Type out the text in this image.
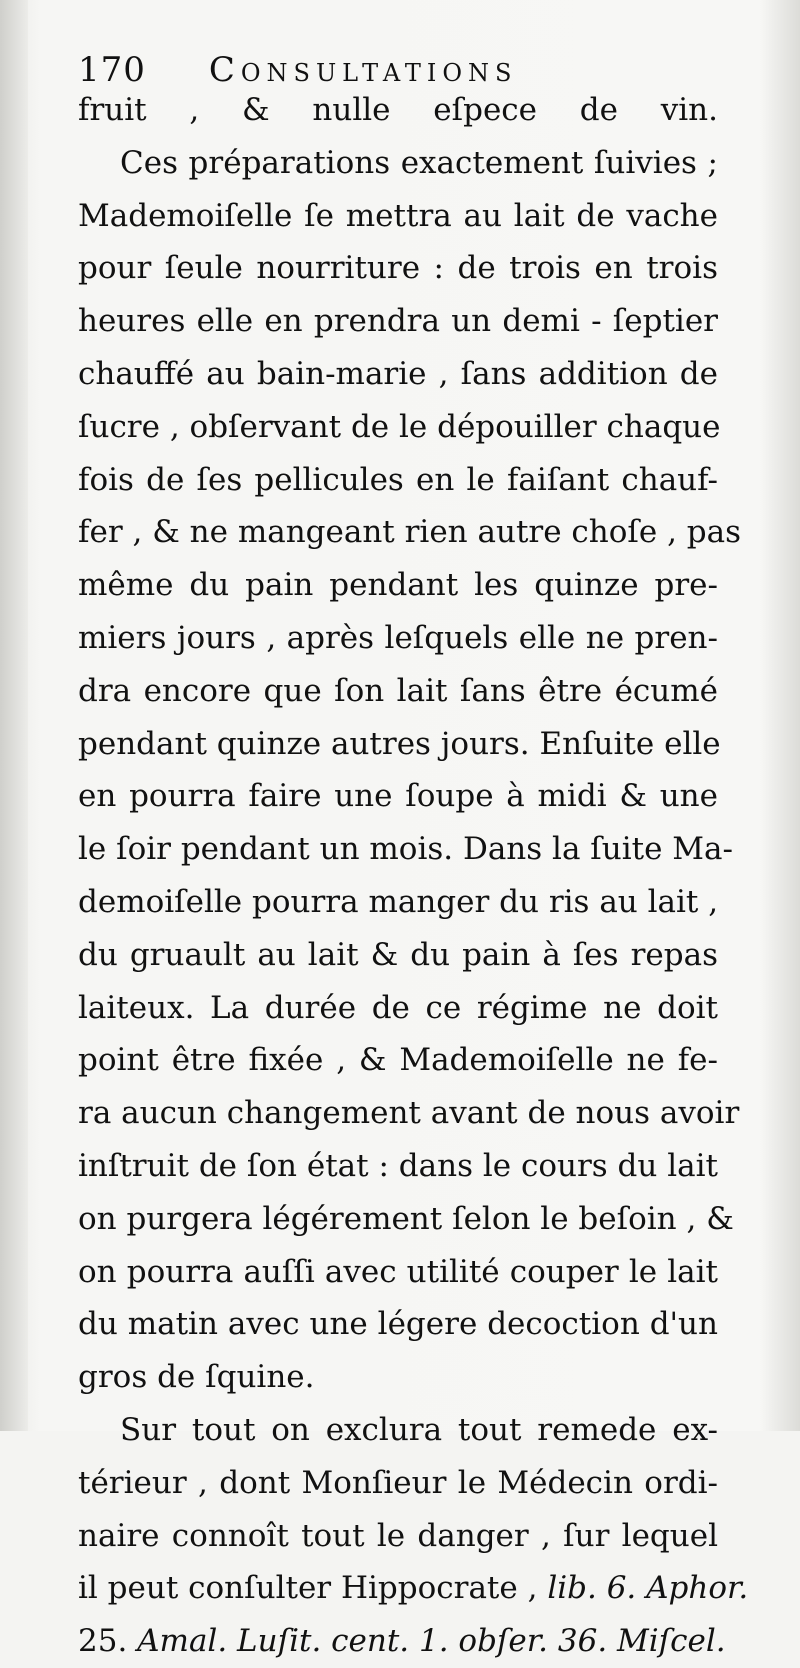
170 Consultations
fruit , & nulle eſpece de vin.
Ces préparations exactement ſuivies ;
Mademoiſelle ſe mettra au lait de vache
pour ſeule nourriture : de trois en trois
heures elle en prendra un demi - ſeptier
chauffé au bain-marie , ſans addition de
ſucre , obſervant de le dépouiller chaque
fois de ſes pellicules en le faiſant chauf-
fer , & ne mangeant rien autre choſe , pas
même du pain pendant les quinze pre-
miers jours , après leſquels elle ne pren-
dra encore que ſon lait ſans être écumé
pendant quinze autres jours. Enſuite elle
en pourra faire une ſoupe à midi & une
le ſoir pendant un mois. Dans la ſuite Ma-
demoiſelle pourra manger du ris au lait ,
du gruault au lait & du pain à ſes repas
laiteux. La durée de ce régime ne doit
point être fixée , & Mademoiſelle ne fe-
ra aucun changement avant de nous avoir
inſtruit de ſon état : dans le cours du lait
on purgera légérement ſelon le beſoin , &
on pourra auſſi avec utilité couper le lait
du matin avec une légere decoction d'un
gros de ſquine.
Sur tout on exclura tout remede ex-
térieur , dont Monſieur le Médecin ordi-
naire connoît tout le danger , ſur lequel
il peut conſulter Hippocrate , lib. 6. Aphor.
25. Amal. Luſit. cent. 1. obſer. 36. Miſcel.
